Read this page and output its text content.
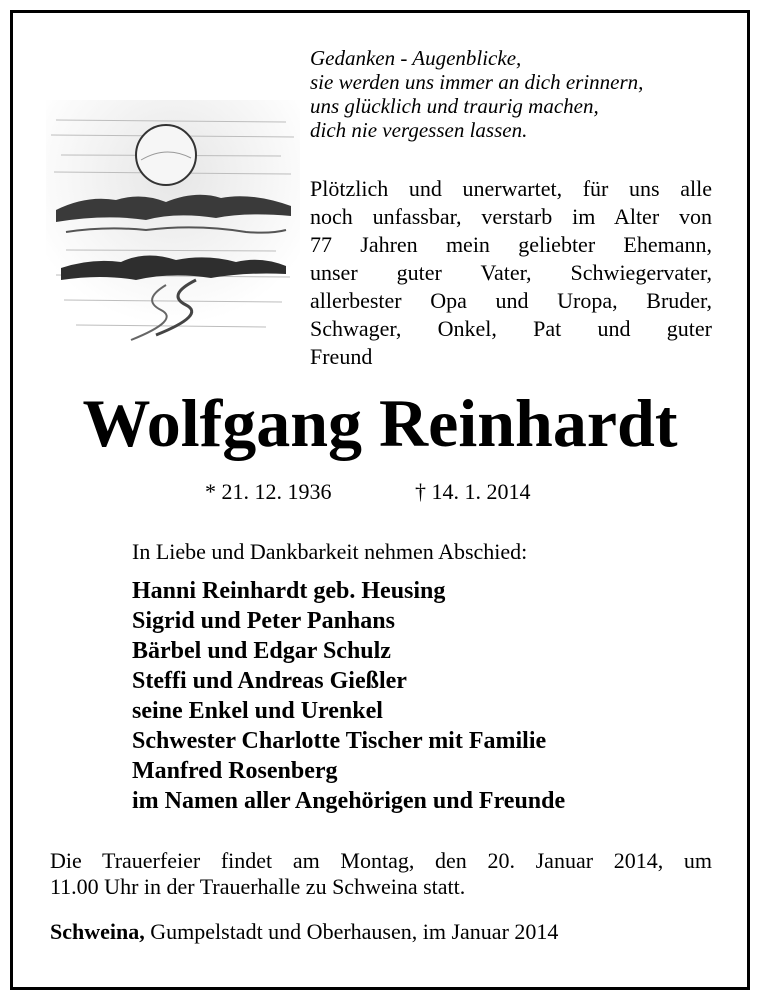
Gedanken - Augenblicke,
sie werden uns immer an dich erinnern,
uns glücklich und traurig machen,
dich nie vergessen lassen.
Plötzlich und unerwartet, für uns alle
noch unfassbar, verstarb im Alter von
77 Jahren mein geliebter Ehemann,
unser guter Vater, Schwiegervater,
allerbester Opa und Uropa, Bruder,
Schwager, Onkel, Pat und guter
Freund
Wolfgang Reinhardt
* 21. 12. 1936	† 14. 1. 2014
In Liebe und Dankbarkeit nehmen Abschied:
Hanni Reinhardt geb. Heusing
Sigrid und Peter Panhans
Bärbel und Edgar Schulz
Steffi und Andreas Gießler
seine Enkel und Urenkel
Schwester Charlotte Tischer mit Familie
Manfred Rosenberg
im Namen aller Angehörigen und Freunde
Die Trauerfeier findet am Montag, den 20. Januar 2014, um
11.00 Uhr in der Trauerhalle zu Schweina statt.
Schweina, Gumpelstadt und Oberhausen, im Januar 2014
